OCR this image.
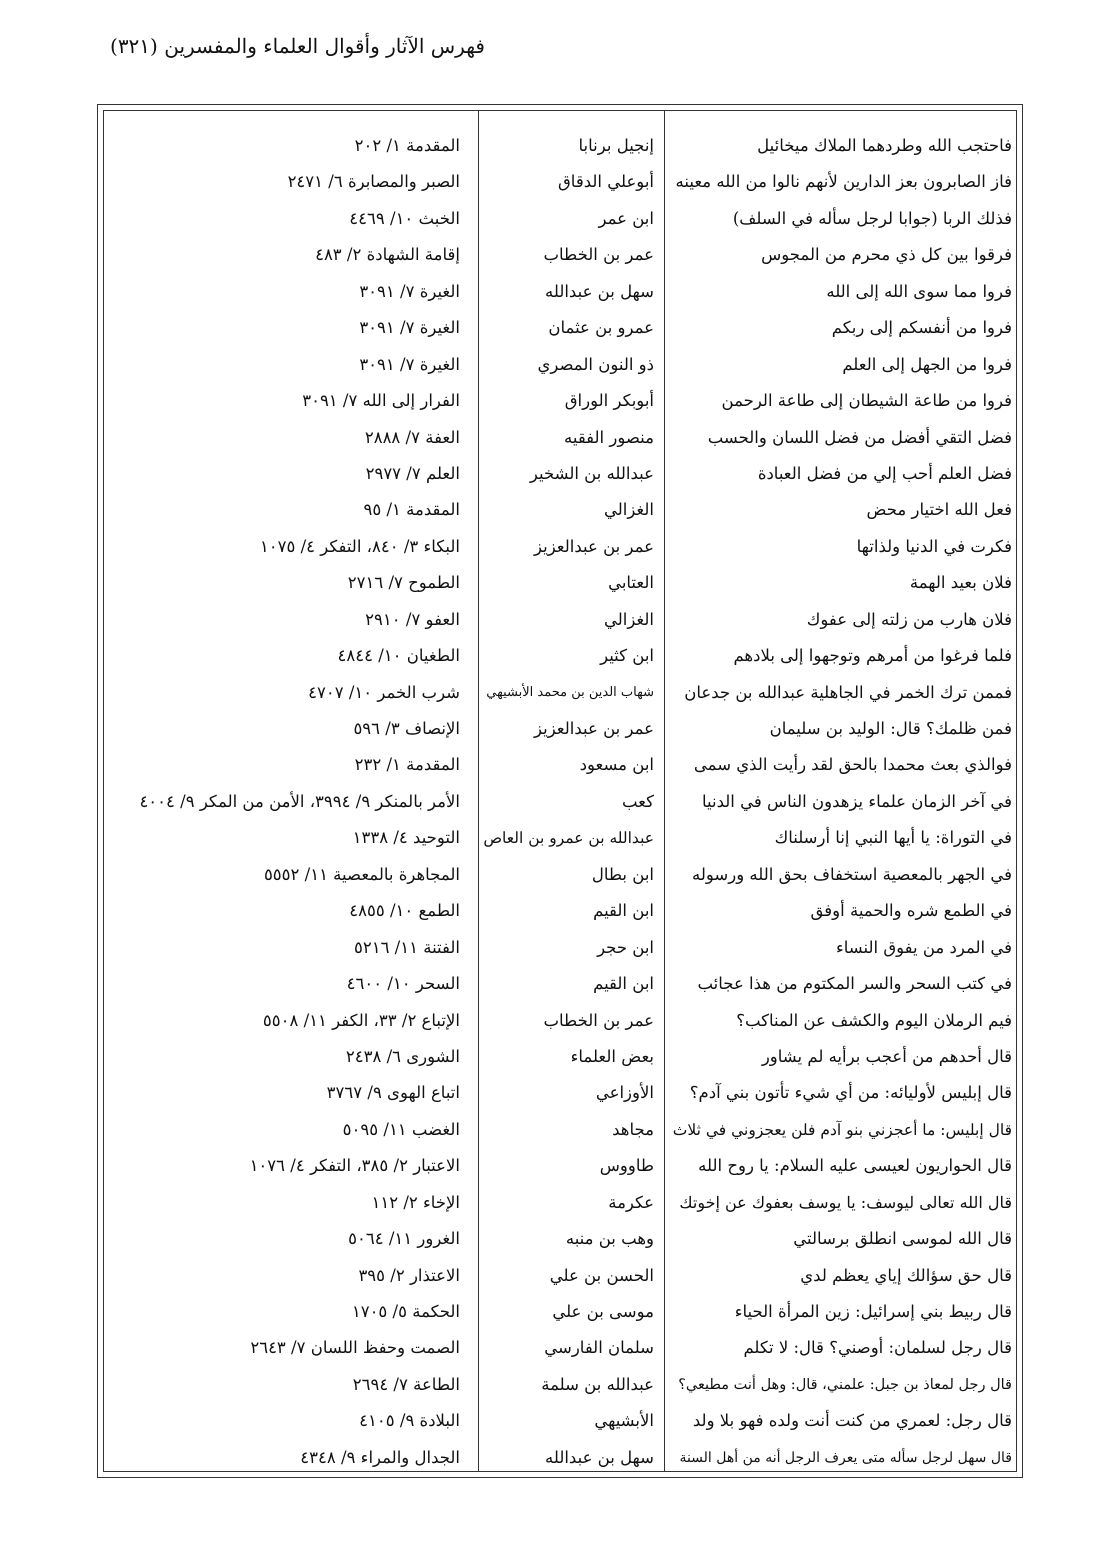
فهرس الآثار وأقوال العلماء والمفسرين (٣٢١)
فاحتجب الله وطردهما الملاك ميخائيل
إنجيل برنابا
المقدمة ١/ ٢٠٢
فاز الصابرون بعز الدارين لأنهم نالوا من الله معينه
أبوعلي الدقاق
الصبر والمصابرة ٦/ ٢٤٧١
فذلك الربا (جوابا لرجل سأله في السلف)
ابن عمر
الخبث ١٠/ ٤٤٦٩
فرقوا بين كل ذي محرم من المجوس
عمر بن الخطاب
إقامة الشهادة ٢/ ٤٨٣
فروا مما سوى الله إلى الله
سهل بن عبدالله
الغيرة ٧/ ٣٠٩١
فروا من أنفسكم إلى ربكم
عمرو بن عثمان
الغيرة ٧/ ٣٠٩١
فروا من الجهل إلى العلم
ذو النون المصري
الغيرة ٧/ ٣٠٩١
فروا من طاعة الشيطان إلى طاعة الرحمن
أبوبكر الوراق
الفرار إلى الله ٧/ ٣٠٩١
فضل التقي أفضل من فضل اللسان والحسب
منصور الفقيه
العفة ٧/ ٢٨٨٨
فضل العلم أحب إلي من فضل العبادة
عبدالله بن الشخير
العلم ٧/ ٢٩٧٧
فعل الله اختيار محض
الغزالي
المقدمة ١/ ٩٥
فكرت في الدنيا ولذاتها
عمر بن عبدالعزيز
البكاء ٣/ ٨٤٠، التفكر ٤/ ١٠٧٥
فلان بعيد الهمة
العتابي
الطموح ٧/ ٢٧١٦
فلان هارب من زلته إلى عفوك
الغزالي
العفو ٧/ ٢٩١٠
فلما فرغوا من أمرهم وتوجهوا إلى بلادهم
ابن كثير
الطغيان ١٠/ ٤٨٤٤
فممن ترك الخمر في الجاهلية عبدالله بن جدعان
شهاب الدين بن محمد الأبشيهي
شرب الخمر ١٠/ ٤٧٠٧
فمن ظلمك؟ قال: الوليد بن سليمان
عمر بن عبدالعزيز
الإنصاف ٣/ ٥٩٦
فوالذي بعث محمدا بالحق لقد رأيت الذي سمى
ابن مسعود
المقدمة ١/ ٢٣٢
في آخر الزمان علماء يزهدون الناس في الدنيا
كعب
الأمر بالمنكر ٩/ ٣٩٩٤، الأمن من المكر ٩/ ٤٠٠٤
في التوراة: يا أيها النبي إنا أرسلناك
عبدالله بن عمرو بن العاص
التوحيد ٤/ ١٣٣٨
في الجهر بالمعصية استخفاف بحق الله ورسوله
ابن بطال
المجاهرة بالمعصية ١١/ ٥٥٥٢
في الطمع شره والحمية أوفق
ابن القيم
الطمع ١٠/ ٤٨٥٥
في المرد من يفوق النساء
ابن حجر
الفتنة ١١/ ٥٢١٦
في كتب السحر والسر المكتوم من هذا عجائب
ابن القيم
السحر ١٠/ ٤٦٠٠
فيم الرملان اليوم والكشف عن المناكب؟
عمر بن الخطاب
الإتباع ٢/ ٣٣، الكفر ١١/ ٥٥٠٨
قال أحدهم من أعجب برأيه لم يشاور
بعض العلماء
الشورى ٦/ ٢٤٣٨
قال إبليس لأوليائه: من أي شيء تأتون بني آدم؟
الأوزاعي
اتباع الهوى ٩/ ٣٧٦٧
قال إبليس: ما أعجزني بنو آدم فلن يعجزوني في ثلاث
مجاهد
الغضب ١١/ ٥٠٩٥
قال الحواريون لعيسى عليه السلام: يا روح الله
طاووس
الاعتبار ٢/ ٣٨٥، التفكر ٤/ ١٠٧٦
قال الله تعالى ليوسف: يا يوسف بعفوك عن إخوتك
عكرمة
الإخاء ٢/ ١١٢
قال الله لموسى انطلق برسالتي
وهب بن منبه
الغرور ١١/ ٥٠٦٤
قال حق سؤالك إياي يعظم لدي
الحسن بن علي
الاعتذار ٢/ ٣٩٥
قال ربيط بني إسرائيل: زين المرأة الحياء
موسى بن علي
الحكمة ٥/ ١٧٠٥
قال رجل لسلمان: أوصني؟ قال: لا تكلم
سلمان الفارسي
الصمت وحفظ اللسان ٧/ ٢٦٤٣
قال رجل لمعاذ بن جبل: علمني، قال: وهل أنت مطيعي؟
عبدالله بن سلمة
الطاعة ٧/ ٢٦٩٤
قال رجل: لعمري من كنت أنت ولده فهو بلا ولد
الأبشيهي
البلادة ٩/ ٤١٠٥
قال سهل لرجل سأله متى يعرف الرجل أنه من أهل السنة
سهل بن عبدالله
الجدال والمراء ٩/ ٤٣٤٨
